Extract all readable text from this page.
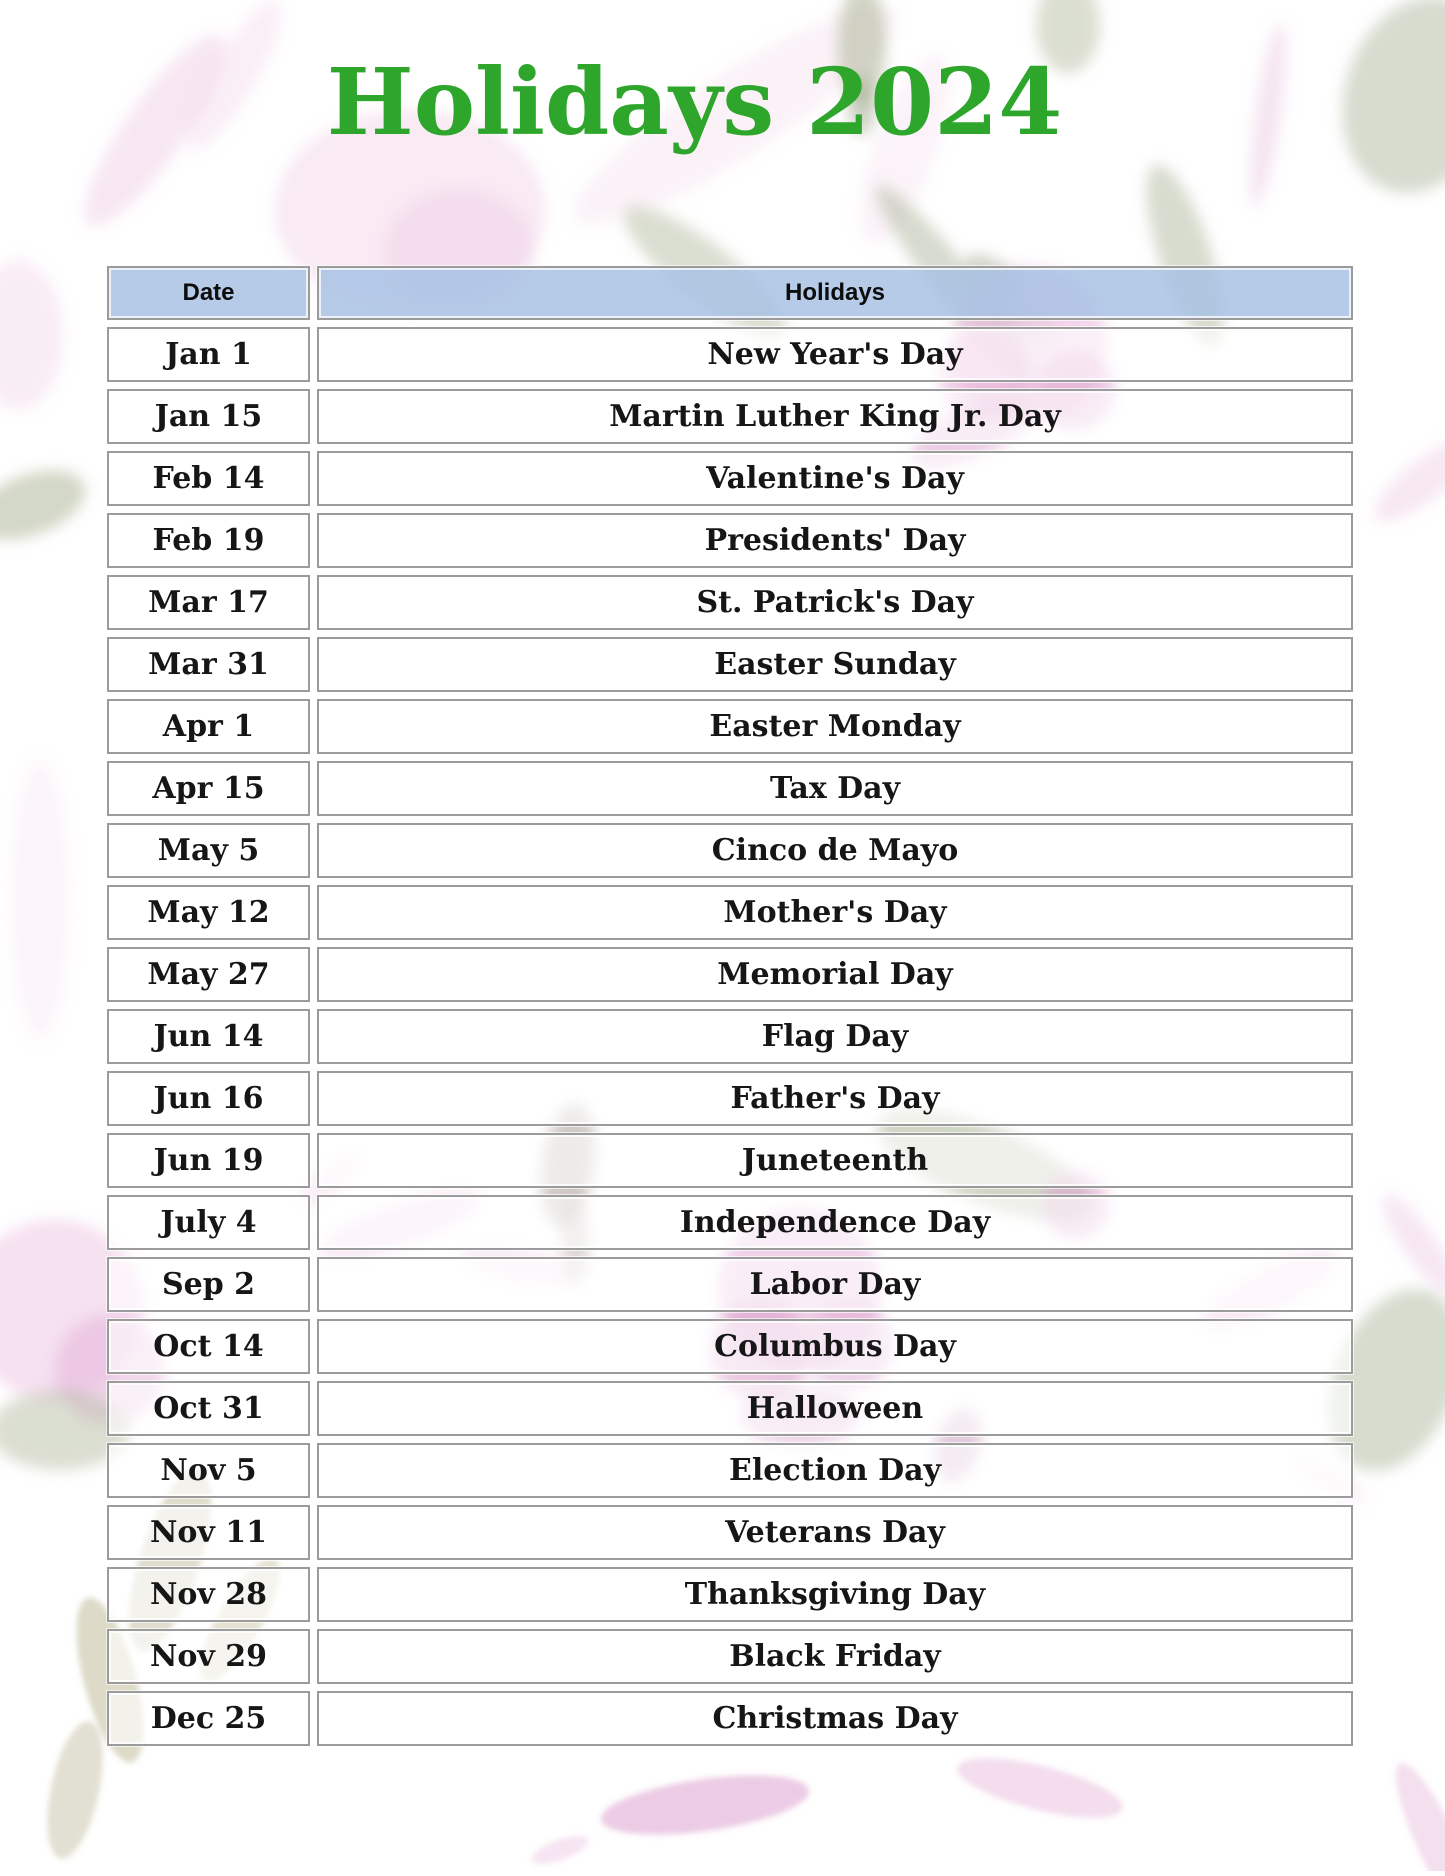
Holidays 2024
Date	Holidays
Jan 1	New Year's Day
Jan 15	Martin Luther King Jr. Day
Feb 14	Valentine's Day
Feb 19	Presidents' Day
Mar 17	St. Patrick's Day
Mar 31	Easter Sunday
Apr 1	Easter Monday
Apr 15	Tax Day
May 5	Cinco de Mayo
May 12	Mother's Day
May 27	Memorial Day
Jun 14	Flag Day
Jun 16	Father's Day
Jun 19	Juneteenth
July 4	Independence Day
Sep 2	Labor Day
Oct 14	Columbus Day
Oct 31	Halloween
Nov 5	Election Day
Nov 11	Veterans Day
Nov 28	Thanksgiving Day
Nov 29	Black Friday
Dec 25	Christmas Day
